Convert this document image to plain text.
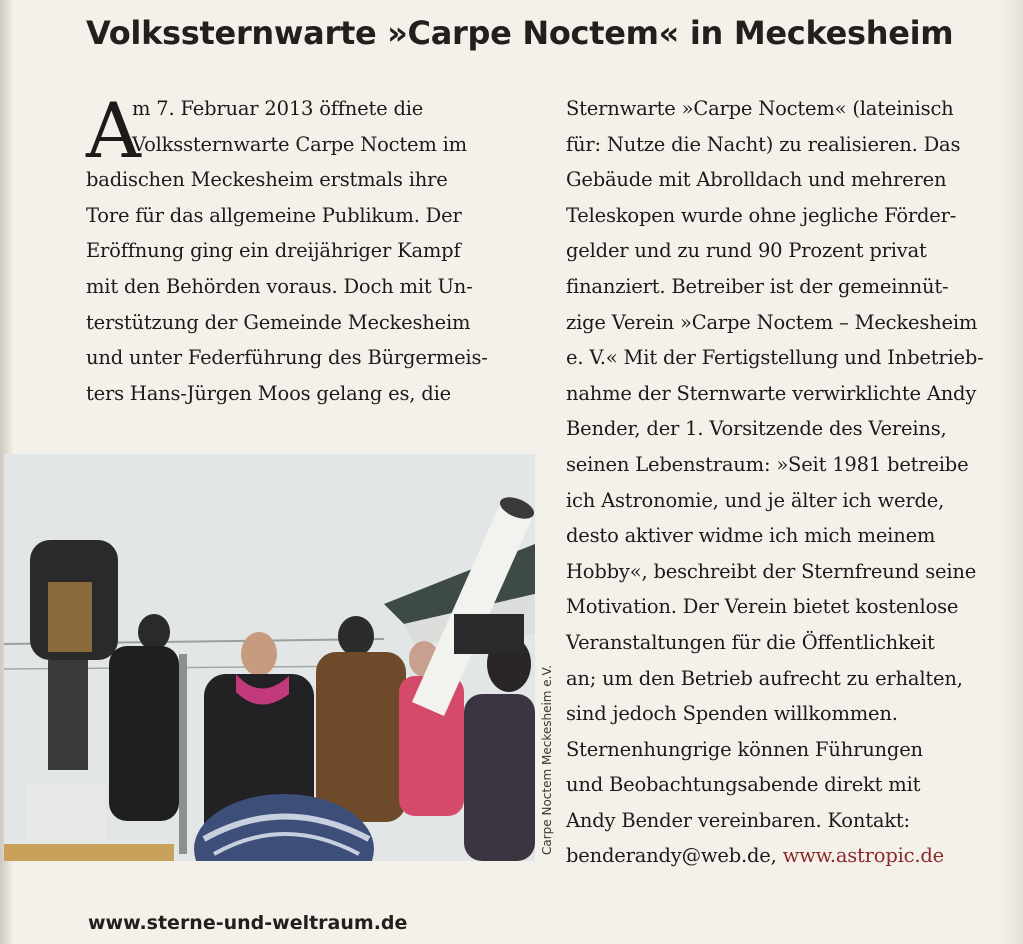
Volkssternwarte »Carpe Noctem« in Meckesheim
A
m 7. Februar 2013 öffnete die
Volkssternwarte Carpe Noctem im
badischen Meckesheim erstmals ihre
Tore für das allgemeine Publikum. Der
Eröffnung ging ein dreijähriger Kampf
mit den Behörden voraus. Doch mit Un-
terstützung der Gemeinde Meckesheim
und unter Federführung des Bürgermeis-
ters Hans-Jürgen Moos gelang es, die
Sternwarte »Carpe Noctem« (lateinisch
für: Nutze die Nacht) zu realisieren. Das
Gebäude mit Abrolldach und mehreren
Teleskopen wurde ohne jegliche Förder-
gelder und zu rund 90 Prozent privat
finanziert. Betreiber ist der gemeinnüt-
zige Verein »Carpe Noctem – Meckesheim
e. V.« Mit der Fertigstellung und Inbetrieb-
nahme der Sternwarte verwirklichte Andy
Bender, der 1. Vorsitzende des Vereins,
seinen Lebenstraum: »Seit 1981 betreibe
ich Astronomie, und je älter ich werde,
desto aktiver widme ich mich meinem
Hobby«, beschreibt der Sternfreund seine
Motivation. Der Verein bietet kostenlose
Veranstaltungen für die Öffentlichkeit
an; um den Betrieb aufrecht zu erhalten,
sind jedoch Spenden willkommen.
Sternenhungrige können Führungen
und Beobachtungsabende direkt mit
Andy Bender vereinbaren. Kontakt:
benderandy@web.de, www.astropic.de
Carpe Noctem Meckesheim e.V.
www.sterne-und-weltraum.de
